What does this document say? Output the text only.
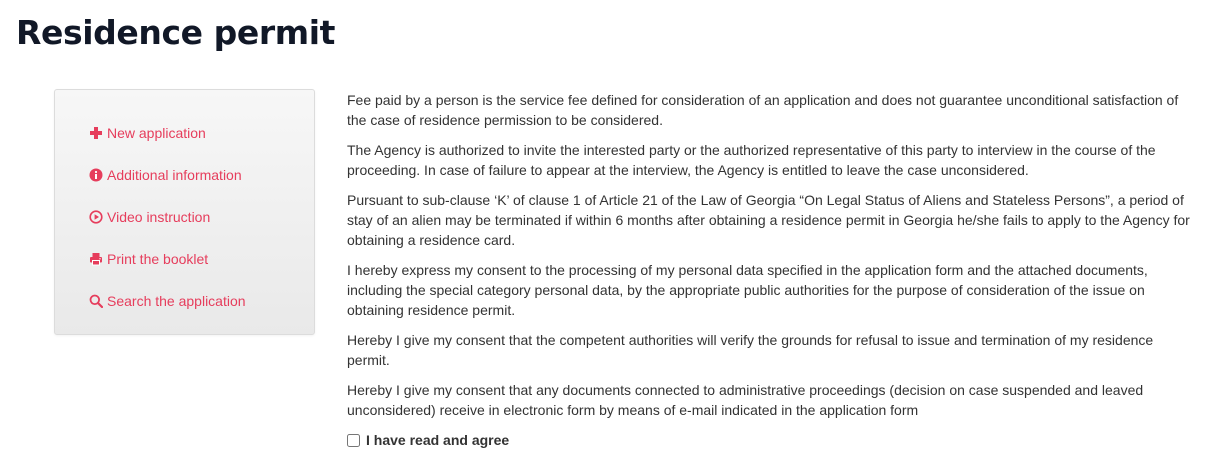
Residence permit
New application
Additional information
Video instruction
Print the booklet
Search the application

Fee paid by a person is the service fee defined for consideration of an application and does not guarantee unconditional satisfaction of the case of residence permission to be considered.

The Agency is authorized to invite the interested party or the authorized representative of this party to interview in the course of the proceeding. In case of failure to appear at the interview, the Agency is entitled to leave the case unconsidered.

Pursuant to sub-clause ‘K’ of clause 1 of Article 21 of the Law of Georgia “On Legal Status of Aliens and Stateless Persons”, a period of stay of an alien may be terminated if within 6 months after obtaining a residence permit in Georgia he/she fails to apply to the Agency for obtaining a residence card.

I hereby express my consent to the processing of my personal data specified in the application form and the attached documents, including the special category personal data, by the appropriate public authorities for the purpose of consideration of the issue on obtaining residence permit.

Hereby I give my consent that the competent authorities will verify the grounds for refusal to issue and termination of my residence permit.

Hereby I give my consent that any documents connected to administrative proceedings (decision on case suspended and leaved unconsidered) receive in electronic form by means of e-mail indicated in the application form

I have read and agree
